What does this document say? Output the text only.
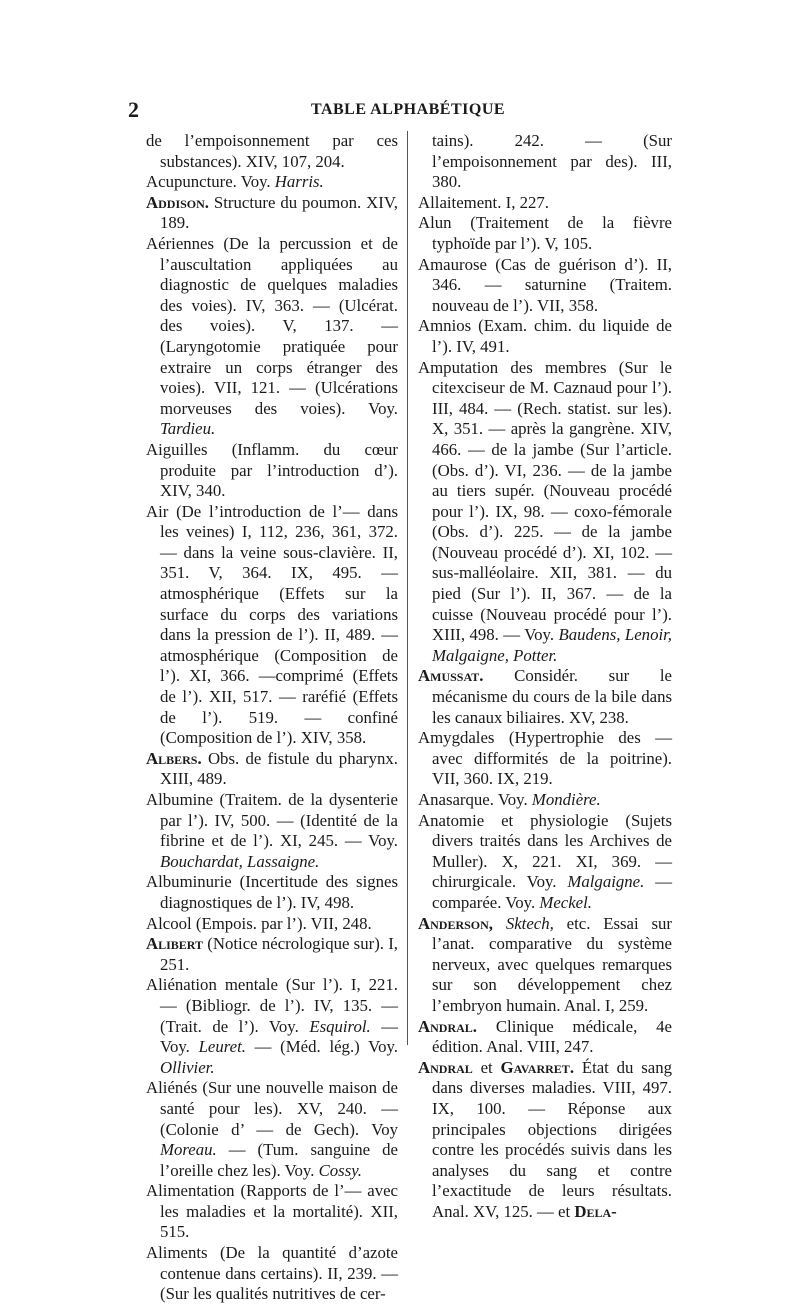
2	TABLE ALPHABÉTIQUE

de l’empoisonnement par ces substances). XIV, 107, 204.

Acupuncture. Voy. Harris.

Addison. Structure du poumon. XIV, 189.

Aériennes (De la percussion et de l’auscultation appliquées au diagnostic de quelques maladies des voies). IV, 363. — (Ulcérat. des voies). V, 137. —(Laryngotomie pratiquée pour extraire un corps étranger des voies). VII, 121. — (Ulcérations morveuses des voies). Voy. Tardieu.

Aiguilles (Inflamm. du cœur produite par l’introduction d’). XIV, 340.

Air (De l’introduction de l’— dans les veines) I, 112, 236, 361, 372. — dans la veine sous-clavière. II, 351. V, 364. IX, 495. — atmosphérique (Effets sur la surface du corps des variations dans la pression de l’). II, 489. — atmosphérique (Composition de l’). XI, 366. —comprimé (Effets de l’). XII, 517. — raréfié (Effets de l’). 519. — confiné (Composition de l’). XIV, 358.

Albers. Obs. de fistule du pharynx. XIII, 489.

Albumine (Traitem. de la dysenterie par l’). IV, 500. — (Identité de la fibrine et de l’). XI, 245. — Voy. Bouchardat, Lassaigne.

Albuminurie (Incertitude des signes diagnostiques de l’). IV, 498.

Alcool (Empois. par l’). VII, 248.

Alibert (Notice nécrologique sur). I, 251.

Aliénation mentale (Sur l’). I, 221. — (Bibliogr. de l’). IV, 135. — (Trait. de l’). Voy. Esquirol. — Voy. Leuret. — (Méd. lég.) Voy. Ollivier.

Aliénés (Sur une nouvelle maison de santé pour les). XV, 240. — (Colonie d’ — de Gech). Voy Moreau. — (Tum. sanguine de l’oreille chez les). Voy. Cossy.

Alimentation (Rapports de l’— avec les maladies et la mortalité). XII, 515.

Aliments (De la quantité d’azote contenue dans certains). II, 239. — (Sur les qualités nutritives de cer-

tains). 242. — (Sur l’empoisonnement par des). III, 380.

Allaitement. I, 227.

Alun (Traitement de la fièvre typhoïde par l’). V, 105.

Amaurose (Cas de guérison d’). II, 346. — saturnine (Traitem. nouveau de l’). VII, 358.

Amnios (Exam. chim. du liquide de l’). IV, 491.

Amputation des membres (Sur le citexciseur de M. Caznaud pour l’). III, 484. — (Rech. statist. sur les). X, 351. — après la gangrène. XIV, 466. — de la jambe (Sur l’article. (Obs. d’). VI, 236. — de la jambe au tiers supér. (Nouveau procédé pour l’). IX, 98. — coxo-fémorale (Obs. d’). 225. — de la jambe (Nouveau procédé d’). XI, 102. — sus-malléolaire. XII, 381. — du pied (Sur l’). II, 367. — de la cuisse (Nouveau procédé pour l’). XIII, 498. — Voy. Baudens, Lenoir, Malgaigne, Potter.

Amussat. Considér. sur le mécanisme du cours de la bile dans les canaux biliaires. XV, 238.

Amygdales (Hypertrophie des — avec difformités de la poitrine). VII, 360. IX, 219.

Anasarque. Voy. Mondière.

Anatomie et physiologie (Sujets divers traités dans les Archives de Muller). X, 221. XI, 369. — chirurgicale. Voy. Malgaigne. — comparée. Voy. Meckel.

Anderson, Sktech, etc. Essai sur l’anat. comparative du système nerveux, avec quelques remarques sur son développement chez l’embryon humain. Anal. I, 259.

Andral. Clinique médicale, 4e édition. Anal. VIII, 247.

Andral et Gavarret. État du sang dans diverses maladies. VIII, 497. IX, 100. — Réponse aux principales objections dirigées contre les procédés suivis dans les analyses du sang et contre l’exactitude de leurs résultats. Anal. XV, 125. — et Dela-
